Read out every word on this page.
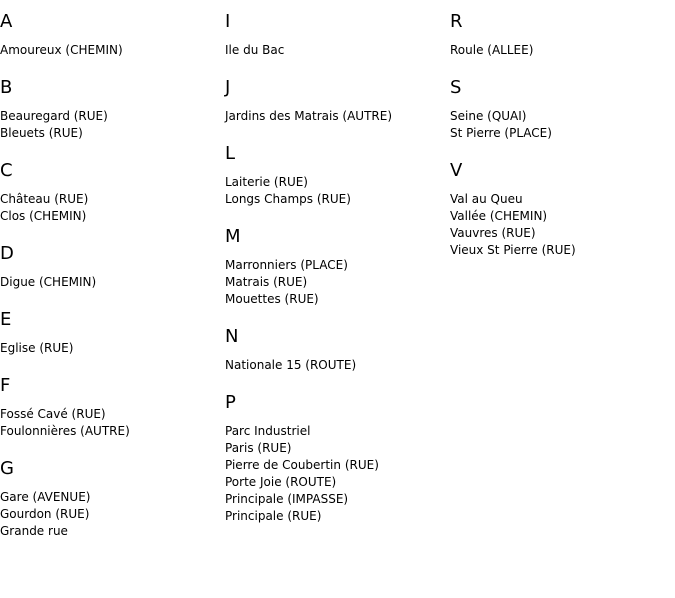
A
Amoureux (CHEMIN)
B
Beauregard (RUE)
Bleuets (RUE)
C
Château (RUE)
Clos (CHEMIN)
D
Digue (CHEMIN)
E
Eglise (RUE)
F
Fossé Cavé (RUE)
Foulonnières (AUTRE)
G
Gare (AVENUE)
Gourdon (RUE)
Grande rue
I
Ile du Bac
J
Jardins des Matrais (AUTRE)
L
Laiterie (RUE)
Longs Champs (RUE)
M
Marronniers (PLACE)
Matrais (RUE)
Mouettes (RUE)
N
Nationale 15 (ROUTE)
P
Parc Industriel
Paris (RUE)
Pierre de Coubertin (RUE)
Porte Joie (ROUTE)
Principale (IMPASSE)
Principale (RUE)
R
Roule (ALLEE)
S
Seine (QUAI)
St Pierre (PLACE)
V
Val au Queu
Vallée (CHEMIN)
Vauvres (RUE)
Vieux St Pierre (RUE)
